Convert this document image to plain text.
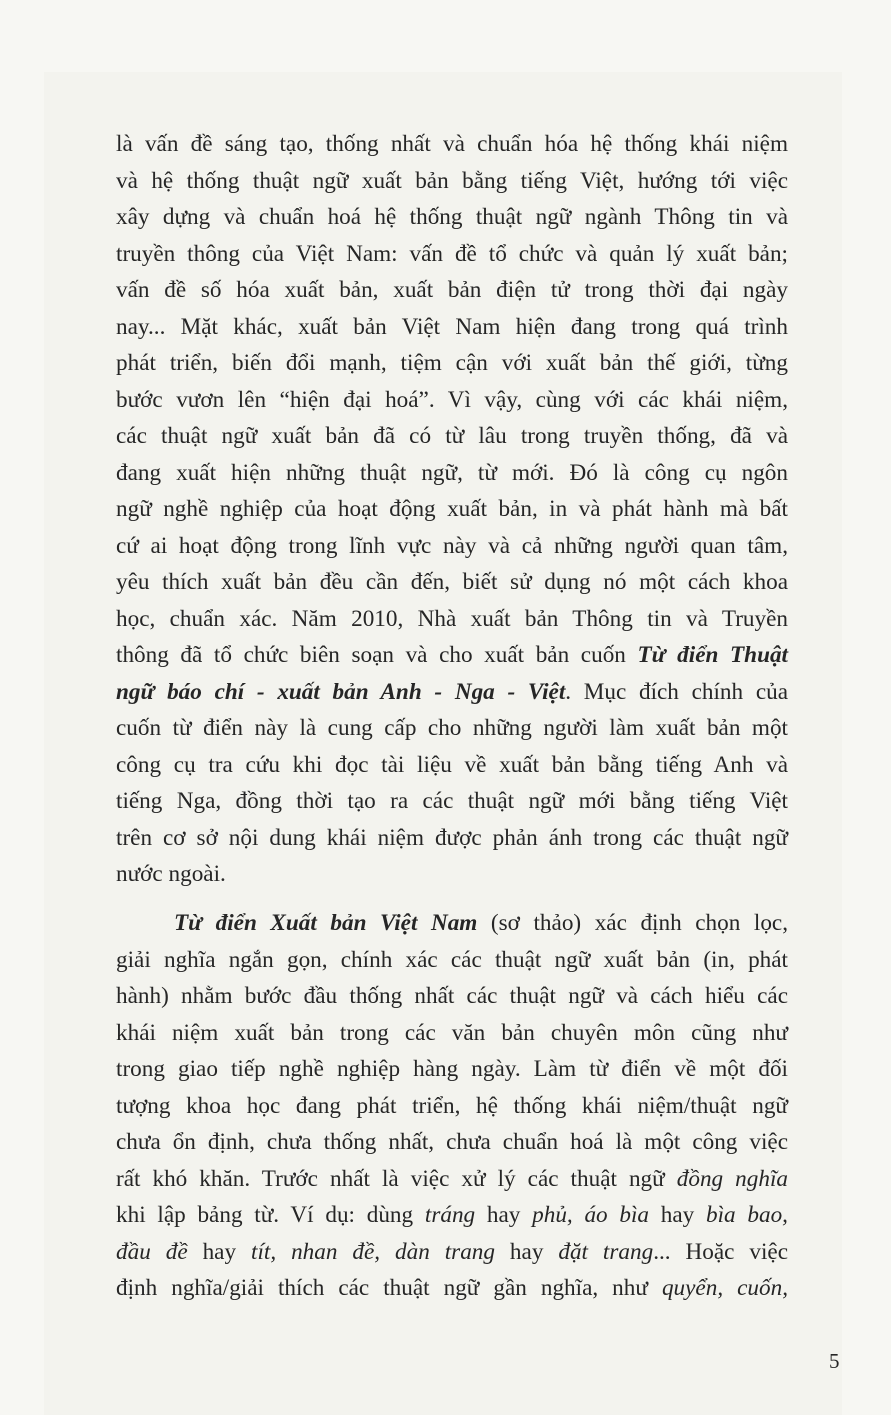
là vấn đề sáng tạo, thống nhất và chuẩn hóa hệ thống khái niệm
và hệ thống thuật ngữ xuất bản bằng tiếng Việt, hướng tới việc
xây dựng và chuẩn hoá hệ thống thuật ngữ ngành Thông tin và
truyền thông của Việt Nam: vấn đề tổ chức và quản lý xuất bản;
vấn đề số hóa xuất bản, xuất bản điện tử trong thời đại ngày
nay... Mặt khác, xuất bản Việt Nam hiện đang trong quá trình
phát triển, biến đổi mạnh, tiệm cận với xuất bản thế giới, từng
bước vươn lên “hiện đại hoá”. Vì vậy, cùng với các khái niệm,
các thuật ngữ xuất bản đã có từ lâu trong truyền thống, đã và
đang xuất hiện những thuật ngữ, từ mới. Đó là công cụ ngôn
ngữ nghề nghiệp của hoạt động xuất bản, in và phát hành mà bất
cứ ai hoạt động trong lĩnh vực này và cả những người quan tâm,
yêu thích xuất bản đều cần đến, biết sử dụng nó một cách khoa
học, chuẩn xác. Năm 2010, Nhà xuất bản Thông tin và Truyền
thông đã tổ chức biên soạn và cho xuất bản cuốn Từ điển Thuật
ngữ báo chí - xuất bản Anh - Nga - Việt. Mục đích chính của
cuốn từ điển này là cung cấp cho những người làm xuất bản một
công cụ tra cứu khi đọc tài liệu về xuất bản bằng tiếng Anh và
tiếng Nga, đồng thời tạo ra các thuật ngữ mới bằng tiếng Việt
trên cơ sở nội dung khái niệm được phản ánh trong các thuật ngữ
nước ngoài.
Từ điển Xuất bản Việt Nam (sơ thảo) xác định chọn lọc,
giải nghĩa ngắn gọn, chính xác các thuật ngữ xuất bản (in, phát
hành) nhằm bước đầu thống nhất các thuật ngữ và cách hiểu các
khái niệm xuất bản trong các văn bản chuyên môn cũng như
trong giao tiếp nghề nghiệp hàng ngày. Làm từ điển về một đối
tượng khoa học đang phát triển, hệ thống khái niệm/thuật ngữ
chưa ổn định, chưa thống nhất, chưa chuẩn hoá là một công việc
rất khó khăn. Trước nhất là việc xử lý các thuật ngữ đồng nghĩa
khi lập bảng từ. Ví dụ: dùng tráng hay phủ, áo bìa hay bìa bao,
đầu đề hay tít, nhan đề, dàn trang hay đặt trang... Hoặc việc
định nghĩa/giải thích các thuật ngữ gần nghĩa, như quyển, cuốn,
5
